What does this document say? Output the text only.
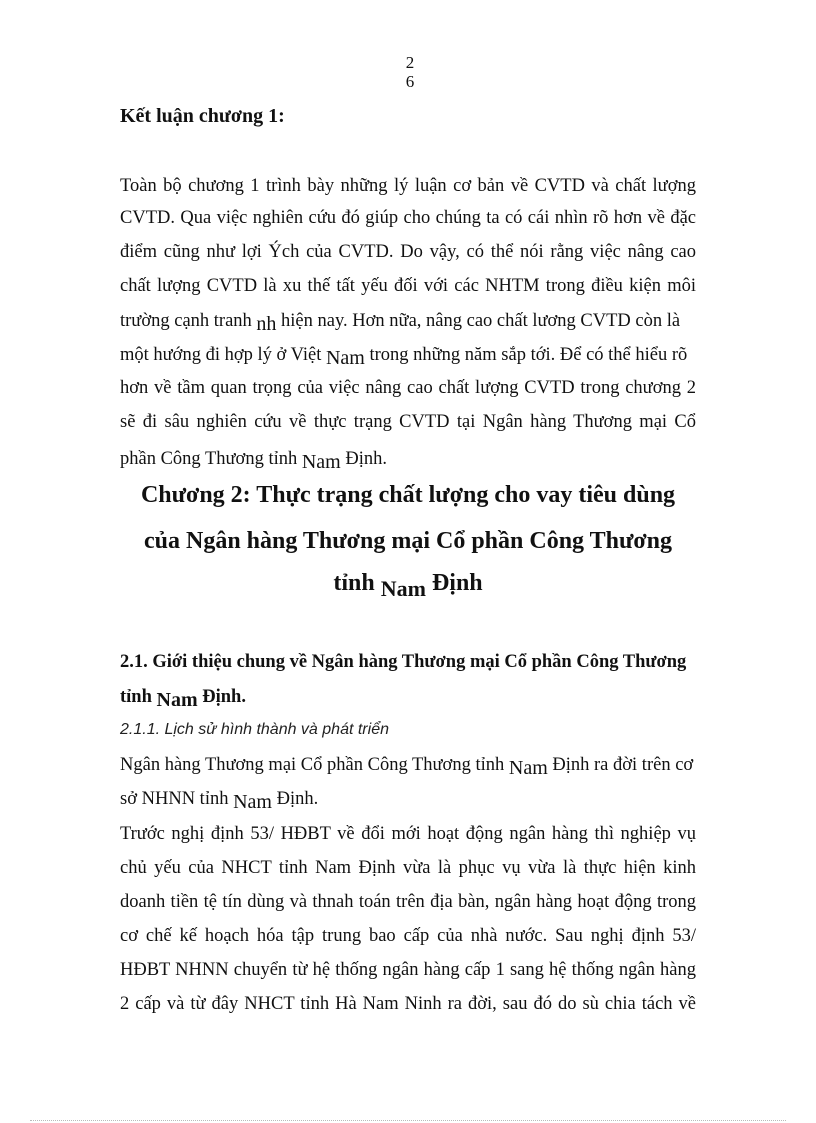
2
6
Kết luận chương 1:
Toàn bộ chương 1 trình bày những lý luận cơ bản về CVTD và chất lượng
CVTD. Qua việc nghiên cứu đó giúp cho chúng ta có cái nhìn rõ hơn về đặc
điểm cũng như lợi Ých của CVTD. Do vậy, có thể nói rằng việc nâng cao
chất lượng CVTD là xu thế tất yếu đối với các NHTM trong điều kiện môi
trường cạnh tranh nh hiện nay. Hơn nữa, nâng cao chất lương CVTD còn là
một hướng đi hợp lý ở Việt Nam trong những năm sắp tới. Để có thể hiểu rõ
hơn về tầm quan trọng của việc nâng cao chất lượng CVTD trong chương 2
sẽ đi sâu nghiên cứu về thực trạng CVTD tại Ngân hàng Thương mại Cổ
phần Công Thương tỉnh Nam Định.
Chương 2: Thực trạng chất lượng cho vay tiêu dùng
của Ngân hàng Thương mại Cổ phần Công Thương
tỉnh Nam Định
2.1. Giới thiệu chung về Ngân hàng Thương mại Cổ phần Công Thương
tỉnh Nam Định.
2.1.1. Lịch sử hình thành và phát triển
Ngân hàng Thương mại Cổ phần Công Thương tỉnh Nam Định ra đời trên cơ
sở NHNN tỉnh Nam Định.
Trước nghị định 53/ HĐBT về đổi mới hoạt động ngân hàng thì nghiệp vụ
chủ yếu của NHCT tỉnh Nam Định vừa là phục vụ vừa là thực hiện kinh
doanh tiền tệ tín dùng và thnah toán trên địa bàn, ngân hàng hoạt động trong
cơ chế kế hoạch hóa tập trung bao cấp của nhà nước. Sau nghị định 53/
HĐBT NHNN chuyển từ hệ thống ngân hàng cấp 1 sang hệ thống ngân hàng
2 cấp và từ đây NHCT tỉnh Hà Nam Ninh ra đời, sau đó do sù chia tách về
